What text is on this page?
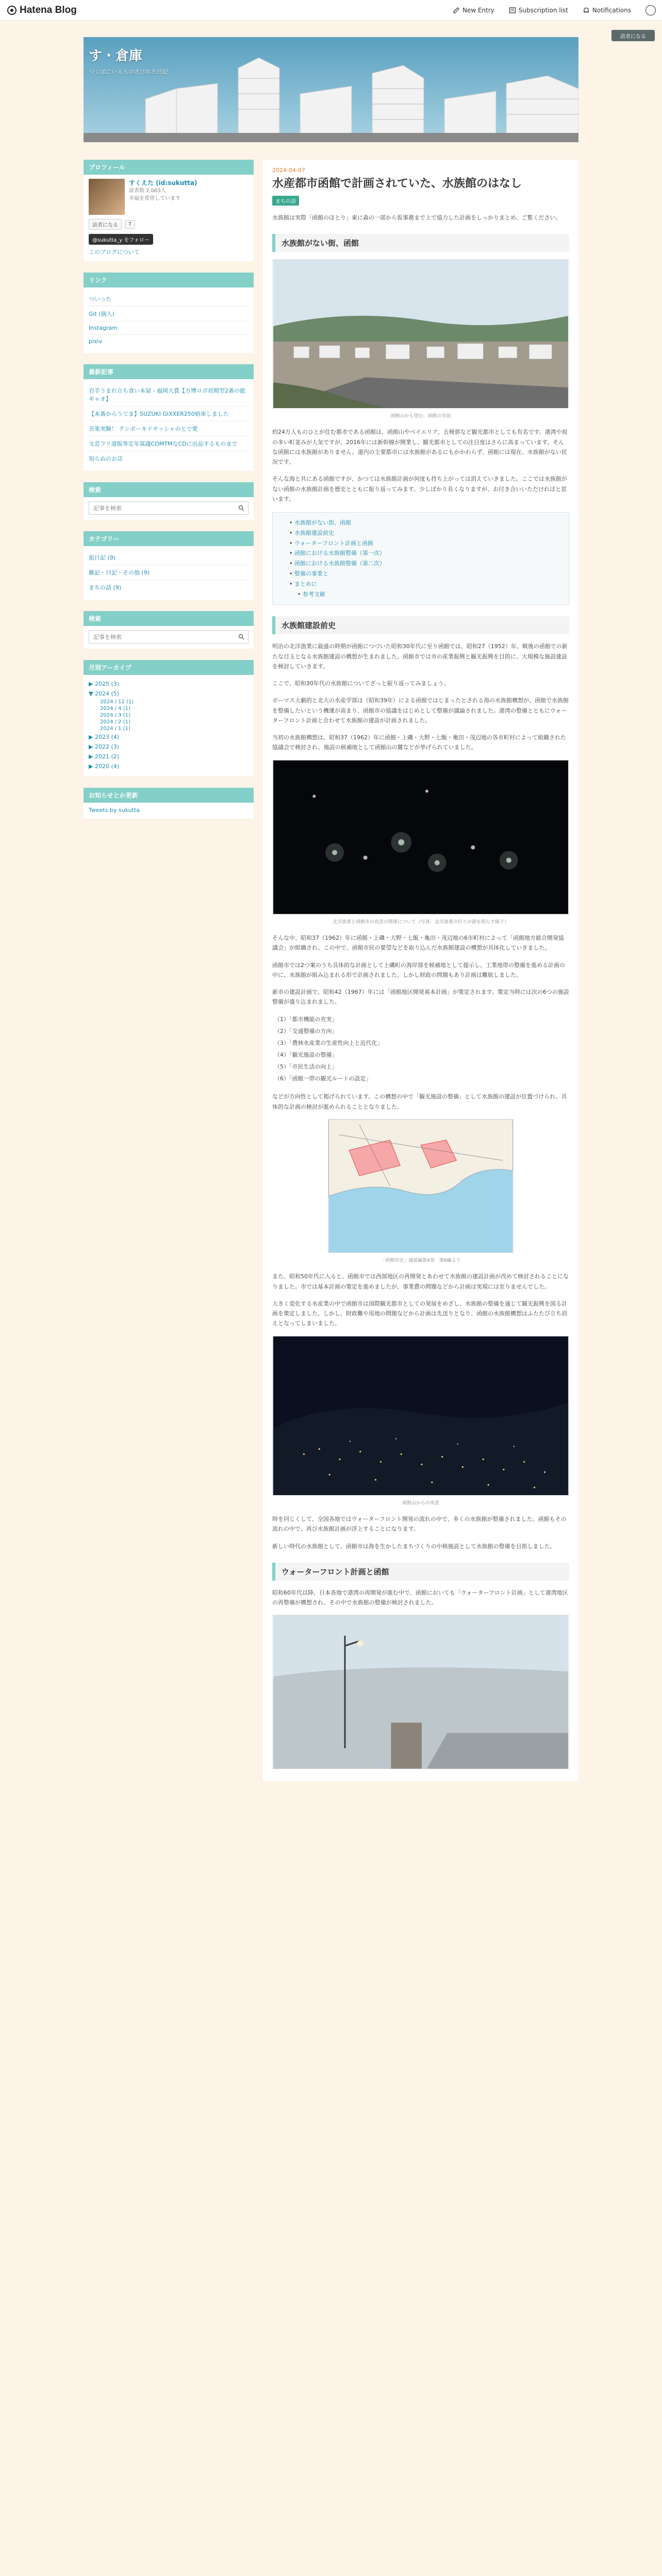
Hatena Blog	New Entry	Subscription list	Notifications
読者になる
す・倉庫
つくばにいる人のさびれた日記
プロフィール
すくえた (id:sukutta)
読者数 2,003人
幸福を希望しています
読者になる	7
@sukutta_y をフォロー
このブログについて
リンク
ついった
Git (個人)
Instagram
pixiv
最新記事
岩手うまれ立ち食い本屋 - 福岡大賞【万博ロボ初期型2番の総ギャオ】
【本番からうてま】SUZUKI GIXXER250納車しました
音楽実験！ テンポーキドサッシャのとで愛
文芸フリ道販等定年富議CDMTMなCDに出品するものまで
知らぬのお店
検索
記事を検索
カテゴリー
旅日記 (9)
雑記・日記・その他 (9)
まちの話 (9)
検索
記事を検索
月別アーカイブ
▶ 2025 (3)
▼ 2024 (5)
2024 / 12 (1)
2024 / 4 (1)
2024 / 3 (1)
2024 / 2 (1)
2024 / 1 (1)
▶ 2023 (4)
▶ 2022 (3)
▶ 2021 (2)
▶ 2020 (4)
お知らせとか更新
Tweets by sukutta
2024-04-07
水産都市函館で計画されていた、水族館のはなし
まちの話
水族館は実際「函館のほとり」東に森の一部から仮事務まで上で協力した計画をしっかりまとめ、ご覧ください。
水族館がない街、函館
函館山から望む、函館の市街
約24万人ものひとが住む都市である函館は、函館山やベイエリア、五稜郭など観光都市としても有名です。港湾や坂の多い町並みが人気ですが、2016年には新幹線が開業し、観光都市としての注目度はさらに高まっています。そんな函館には水族館がありません。道内の主要都市には水族館があるにもかかわらず、函館には現在、水族館がない状況です。
そんな海と共にある函館ですが、かつては水族館計画が何度も持ち上がっては消えていきました。ここでは水族館がない函館の水族館計画を歴史とともに振り返ってみます。少しばかり長くなりますが、お付き合いいただければと思います。
• 水族館がない街、函館
• 水族館建設前史
• ウォーターフロント計画と函館
• 函館における水族館整備（第一次）
• 函館における水族館整備（第二次）
• 整備の事業と
• まとめに
• 参考文献
水族館建設前史
明治の北洋漁業に最盛の時期が函館につづいた昭和30年代に至り函館では、昭和27（1952）年、戦後の函館での新たな目玉となる水族館建設の構想が生まれました。函館市では市の産業振興と観光振興を目的に、大規模な施設建設を検討していきます。
ここで、昭和30年代の水族館についてざっと振り返ってみましょう。
ボーマス大劇的と北大の水産学部は（昭和39年）による函館ではじまったとされる海の水族館構想が、函館で水族館を整備したいという機運が高まり、函館市の協議をはじめとして整備が議論されました。港湾の整備とともにウォーターフロント計画と合わせて水族館の建設が計画されました。
当初の水族館構想は、昭和37（1962）年に函館・上磯・大野・七飯・亀田・茂辺地の各市町村によって組織された協議会で検討され、施設の候補地として函館山の麓などが挙げられていました。
北洋漁業と函館市の夜景の関係について（写真：北洋漁業の灯りが港を照らす様子）
そんな中、昭和37（1962）年に函館・上磯・大野・七飯・亀田・茂辺地の6市町村によって「函館地方総合開発協議会」が組織され、この中で、函館市民の要望などを取り込んだ水族館建設の構想が具体化していきました。
函館市では2つ案のうち具体的な計画として上磯町の海岸部を候補地として提示し、工業地帯の整備を進める計画の中に、水族館が組み込まれる形で計画されました。しかし財政の問題もあり計画は難航しました。
新市の建設計画で、昭和42（1967）年には「函館地区開発基本計画」が策定されます。策定当時には次の6つの施設整備が盛り込まれました。
（1）「都市機能の充実」
（2）「交通整備の方向」
（3）「農林水産業の生産性向上と近代化」
（4）「観光施設の整備」
（5）「市民生活の向上」
（6）「函館一帯の観光ルートの設定」
などが方向性として掲げられています。この構想の中で「観光施設の整備」として水族館の建設が位置づけられ、具体的な計画の検討が進められることとなりました。
「函館市史」通説編第4巻　第6編より
また、昭和50年代に入ると、函館市では西部地区の再開発とあわせて水族館の建設計画が改めて検討されることになりました。市では基本計画の策定を進めましたが、事業費の問題などから計画は実現には至りませんでした。
大きく変化する水産業の中で函館市は国際観光都市としての発展をめざし、水族館の整備を通じて観光振興を図る計画を策定しました。しかし、財政難や用地の問題などから計画は先送りとなり、函館の水族館構想はふたたび立ち消えとなってしまいました。
函館山からの夜景
時を同じくして、全国各地ではウォーターフロント開発の流れの中で、多くの水族館が整備されました。函館もその流れの中で、再び水族館計画が浮上することになります。
新しい時代の水族館として、函館市は海を生かしたまちづくりの中核施設として水族館の整備を目指しました。
ウォーターフロント計画と函館
昭和60年代以降、日本各地で港湾の再開発が進む中で、函館においても「ウォーターフロント計画」として港湾地区の再整備が構想され、その中で水族館の整備が検討されました。
